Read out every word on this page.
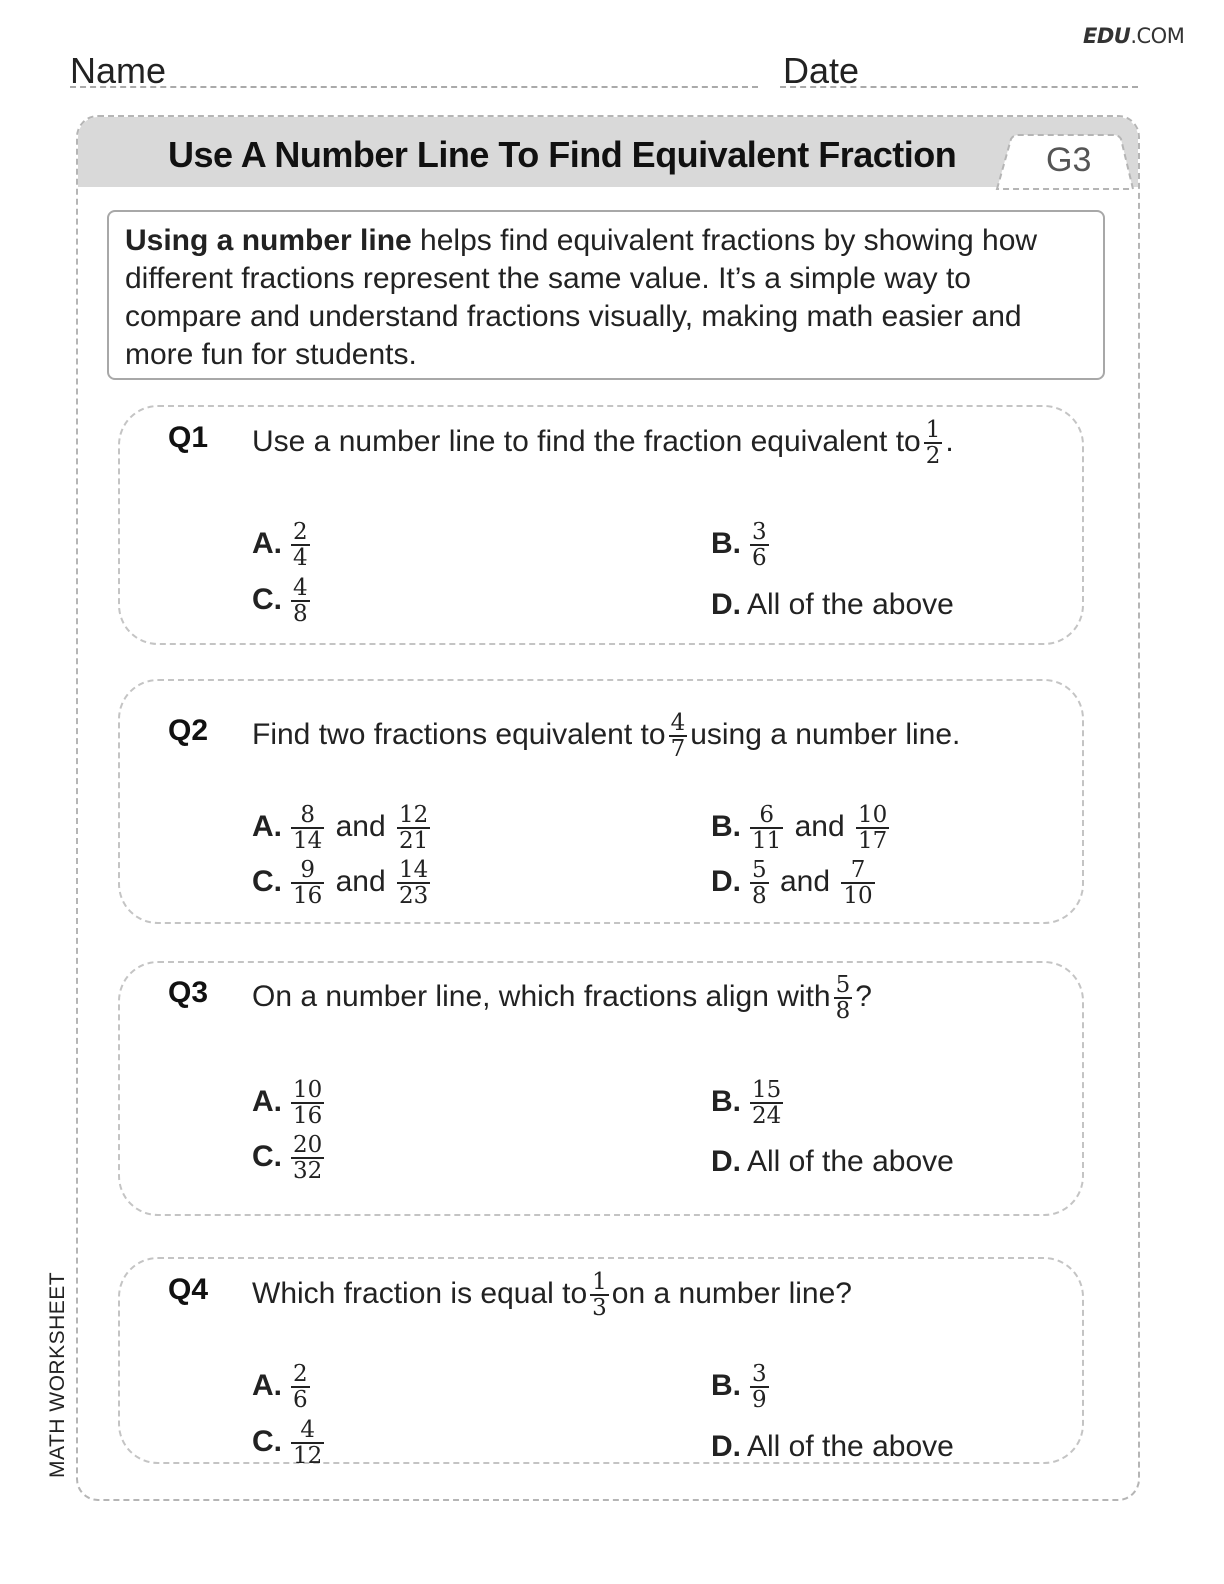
EDU.COM
Name	Date
Use A Number Line To Find Equivalent Fraction	G3
Using a number line helps find equivalent fractions by showing how different fractions represent the same value. It’s a simple way to compare and understand fractions visually, making math easier and more fun for students.
Q1 Use a number line to find the fraction equivalent to $\frac{1}{2}$ .
A. $\frac{2}{4}$	B. $\frac{3}{6}$
C. $\frac{4}{8}$	D. All of the above
Q2 Find two fractions equivalent to $\frac{4}{7}$ using a number line.
A. $\frac{8}{14}$ and $\frac{12}{21}$	B. $\frac{6}{11}$ and $\frac{10}{17}$
C. $\frac{9}{16}$ and $\frac{14}{23}$	D. $\frac{5}{8}$ and $\frac{7}{10}$
Q3 On a number line, which fractions align with $\frac{5}{8}$ ?
A. $\frac{10}{16}$	B. $\frac{15}{24}$
C. $\frac{20}{32}$	D. All of the above
Q4 Which fraction is equal to $\frac{1}{3}$ on a number line?
A. $\frac{2}{6}$	B. $\frac{3}{9}$
C. $\frac{4}{12}$	D. All of the above
MATH WORKSHEET
